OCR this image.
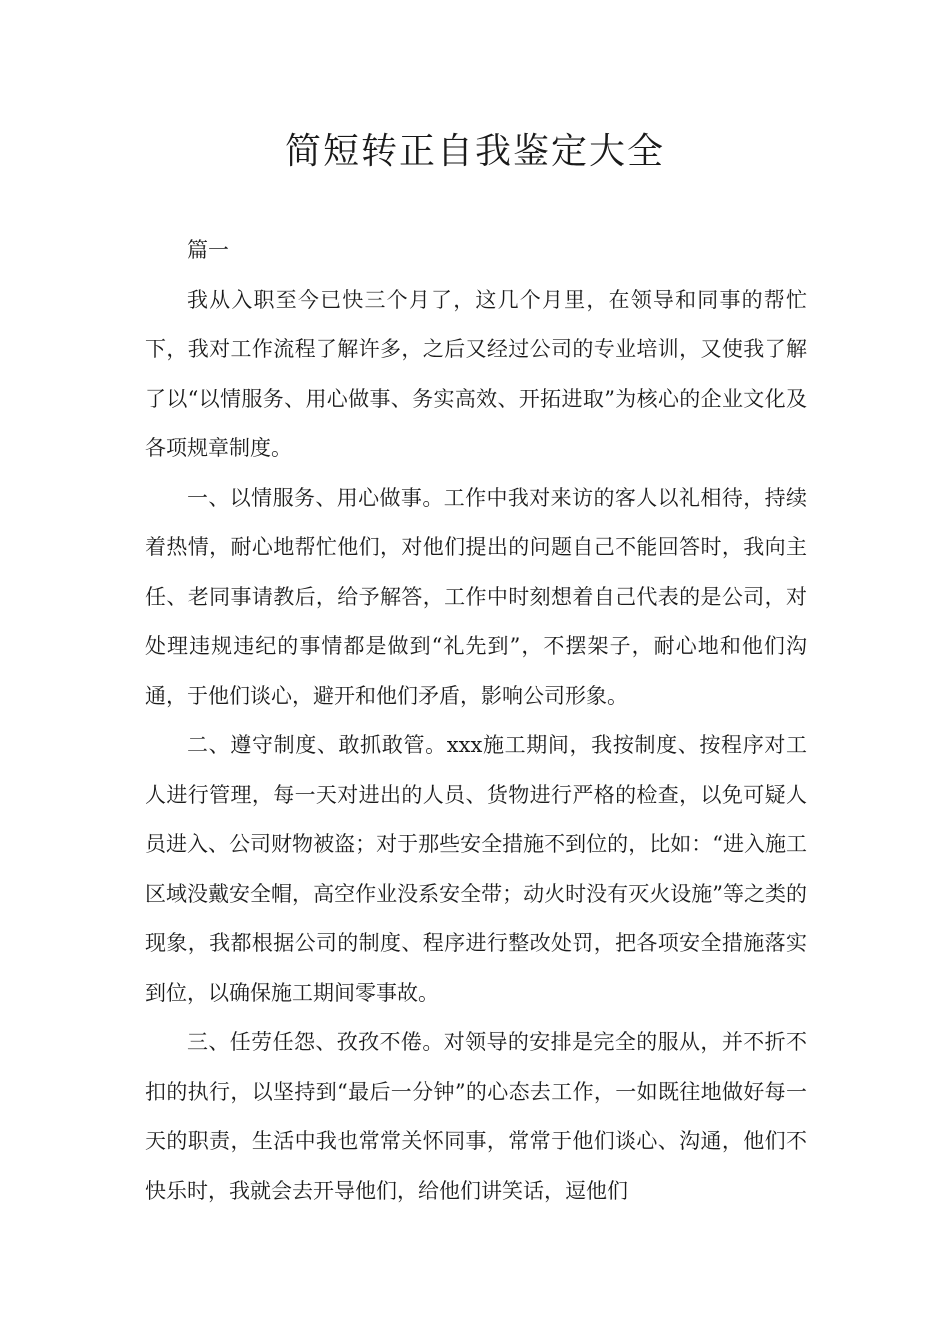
简短转正自我鉴定大全

篇一

我从入职至今已快三个月了，这几个月里，在领导和同事的帮忙下，我对工作流程了解许多，之后又经过公司的专业培训，又使我了解了以“以情服务、用心做事、务实高效、开拓进取”为核心的企业文化及各项规章制度。

一、以情服务、用心做事。工作中我对来访的客人以礼相待，持续着热情，耐心地帮忙他们，对他们提出的问题自己不能回答时，我向主任、老同事请教后，给予解答，工作中时刻想着自己代表的是公司，对处理违规违纪的事情都是做到“礼先到”，不摆架子，耐心地和他们沟通，于他们谈心，避开和他们矛盾，影响公司形象。

二、遵守制度、敢抓敢管。xxx施工期间，我按制度、按程序对工人进行管理，每一天对进出的人员、货物进行严格的检查，以免可疑人员进入、公司财物被盗；对于那些安全措施不到位的，比如：“进入施工区域没戴安全帽，高空作业没系安全带；动火时没有灭火设施”等之类的现象，我都根据公司的制度、程序进行整改处罚，把各项安全措施落实到位，以确保施工期间零事故。

三、任劳任怨、孜孜不倦。对领导的安排是完全的服从，并不折不扣的执行，以坚持到“最后一分钟”的心态去工作，一如既往地做好每一天的职责，生活中我也常常关怀同事，常常于他们谈心、沟通，他们不快乐时，我就会去开导他们，给他们讲笑话，逗他们
